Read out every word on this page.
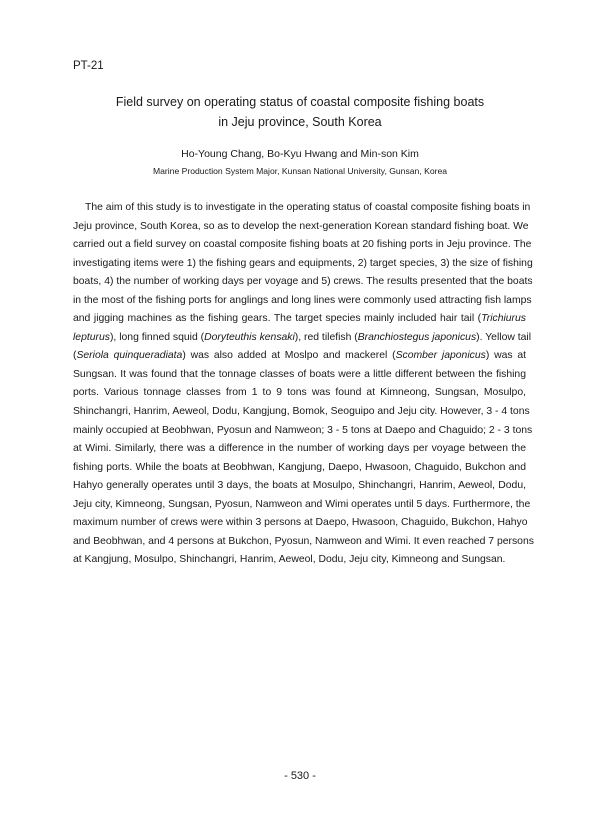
PT-21
Field survey on operating status of coastal composite fishing boats
in Jeju province, South Korea
Ho-Young Chang, Bo-Kyu Hwang and Min-son Kim
Marine Production System Major, Kunsan National University, Gunsan, Korea
The aim of this study is to investigate in the operating status of coastal composite fishing boats in
Jeju province, South Korea, so as to develop the next-generation Korean standard fishing boat. We
carried out a field survey on coastal composite fishing boats at 20 fishing ports in Jeju province. The
investigating items were 1) the fishing gears and equipments, 2) target species, 3) the size of fishing
boats, 4) the number of working days per voyage and 5) crews. The results presented that the boats
in the most of the fishing ports for anglings and long lines were commonly used attracting fish lamps
and jigging machines as the fishing gears. The target species mainly included hair tail (Trichiurus
lepturus), long finned squid (Doryteuthis kensaki), red tilefish (Branchiostegus japonicus). Yellow tail
(Seriola quinqueradiata) was also added at Moslpo and mackerel (Scomber japonicus) was at
Sungsan. It was found that the tonnage classes of boats were a little different between the fishing
ports. Various tonnage classes from 1 to 9 tons was found at Kimneong, Sungsan, Mosulpo,
Shinchangri, Hanrim, Aeweol, Dodu, Kangjung, Bomok, Seoguipo and Jeju city. However, 3 - 4 tons
mainly occupied at Beobhwan, Pyosun and Namweon; 3 - 5 tons at Daepo and Chaguido; 2 - 3 tons
at Wimi. Similarly, there was a difference in the number of working days per voyage between the
fishing ports. While the boats at Beobhwan, Kangjung, Daepo, Hwasoon, Chaguido, Bukchon and
Hahyo generally operates until 3 days, the boats at Mosulpo, Shinchangri, Hanrim, Aeweol, Dodu,
Jeju city, Kimneong, Sungsan, Pyosun, Namweon and Wimi operates until 5 days. Furthermore, the
maximum number of crews were within 3 persons at Daepo, Hwasoon, Chaguido, Bukchon, Hahyo
and Beobhwan, and 4 persons at Bukchon, Pyosun, Namweon and Wimi. It even reached 7 persons
at Kangjung, Mosulpo, Shinchangri, Hanrim, Aeweol, Dodu, Jeju city, Kimneong and Sungsan.
- 530 -
